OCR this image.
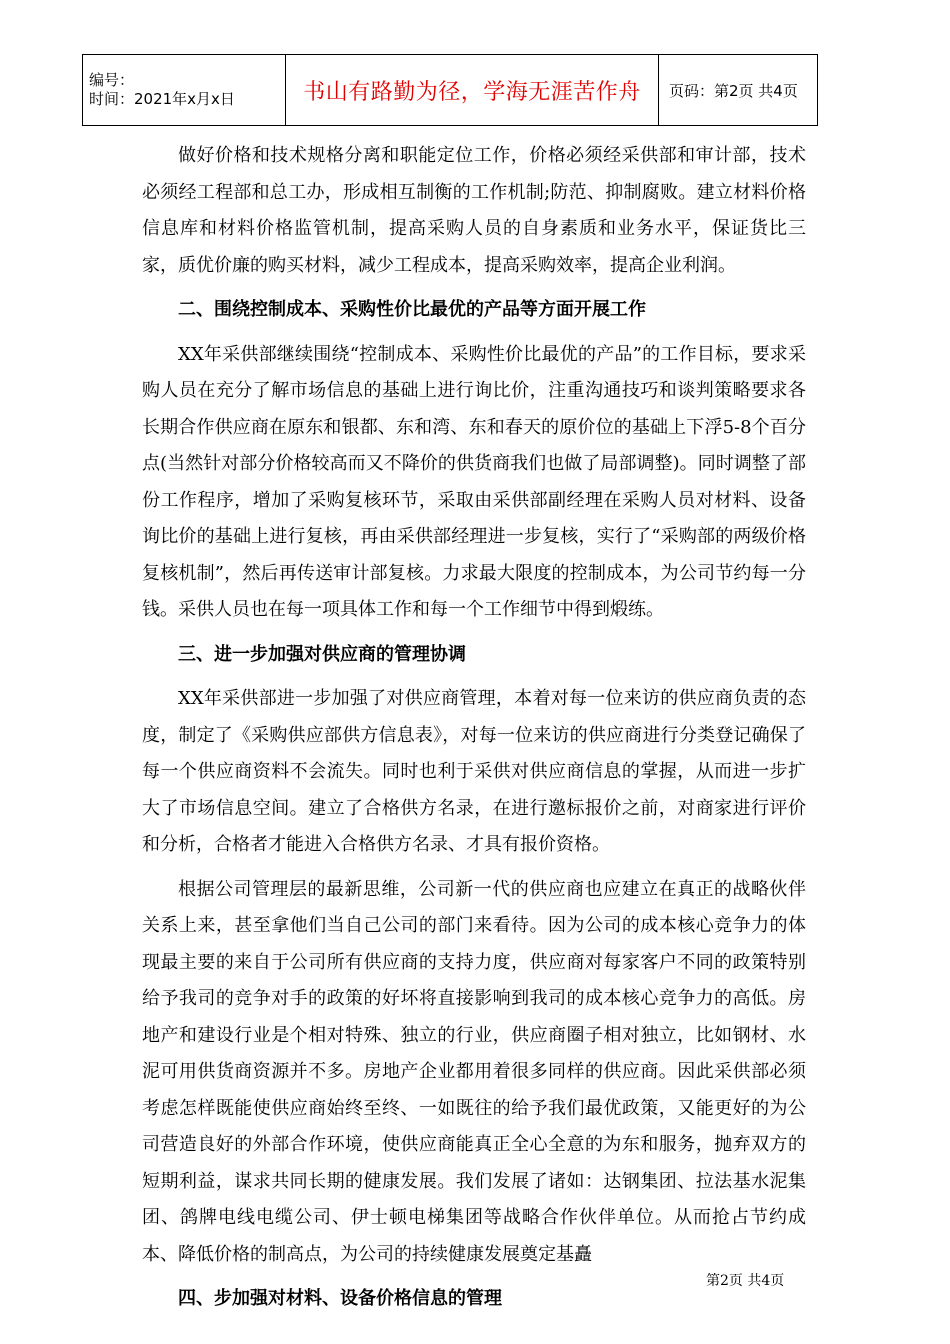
编号：
时间：2021年x月x日	书山有路勤为径，学海无涯苦作舟	页码：第2页 共4页

做好价格和技术规格分离和职能定位工作，价格必须经采供部和审计部，技术必须经工程部和总工办，形成相互制衡的工作机制;防范、抑制腐败。建立材料价格信息库和材料价格监管机制，提高采购人员的自身素质和业务水平，保证货比三家，质优价廉的购买材料，减少工程成本，提高采购效率，提高企业利润。

二、围绕控制成本、采购性价比最优的产品等方面开展工作

XX年采供部继续围绕“控制成本、采购性价比最优的产品”的工作目标，要求采购人员在充分了解市场信息的基础上进行询比价，注重沟通技巧和谈判策略要求各长期合作供应商在原东和银都、东和湾、东和春天的原价位的基础上下浮5-8个百分点(当然针对部分价格较高而又不降价的供货商我们也做了局部调整)。同时调整了部份工作程序，增加了采购复核环节，采取由采供部副经理在采购人员对材料、设备询比价的基础上进行复核，再由采供部经理进一步复核，实行了“采购部的两级价格复核机制”，然后再传送审计部复核。力求最大限度的控制成本，为公司节约每一分钱。采供人员也在每一项具体工作和每一个工作细节中得到煅练。

三、进一步加强对供应商的管理协调

XX年采供部进一步加强了对供应商管理，本着对每一位来访的供应商负责的态度，制定了《采购供应部供方信息表》，对每一位来访的供应商进行分类登记确保了每一个供应商资料不会流失。同时也利于采供对供应商信息的掌握，从而进一步扩大了市场信息空间。建立了合格供方名录，在进行邀标报价之前，对商家进行评价和分析，合格者才能进入合格供方名录、才具有报价资格。

根据公司管理层的最新思维，公司新一代的供应商也应建立在真正的战略伙伴关系上来，甚至拿他们当自己公司的部门来看待。因为公司的成本核心竞争力的体现最主要的来自于公司所有供应商的支持力度，供应商对每家客户不同的政策特别给予我司的竞争对手的政策的好坏将直接影响到我司的成本核心竞争力的高低。房地产和建设行业是个相对特殊、独立的行业，供应商圈子相对独立，比如钢材、水泥可用供货商资源并不多。房地产企业都用着很多同样的供应商。因此采供部必须考虑怎样既能使供应商始终至终、一如既往的给予我们最优政策，又能更好的为公司营造良好的外部合作环境，使供应商能真正全心全意的为东和服务，抛弃双方的短期利益，谋求共同长期的健康发展。我们发展了诸如：达钢集团、拉法基水泥集团、鸽牌电线电缆公司、伊士顿电梯集团等战略合作伙伴单位。从而抢占节约成本、降低价格的制高点，为公司的持续健康发展奠定基矗

四、步加强对材料、设备价格信息的管理

第2页 共4页
